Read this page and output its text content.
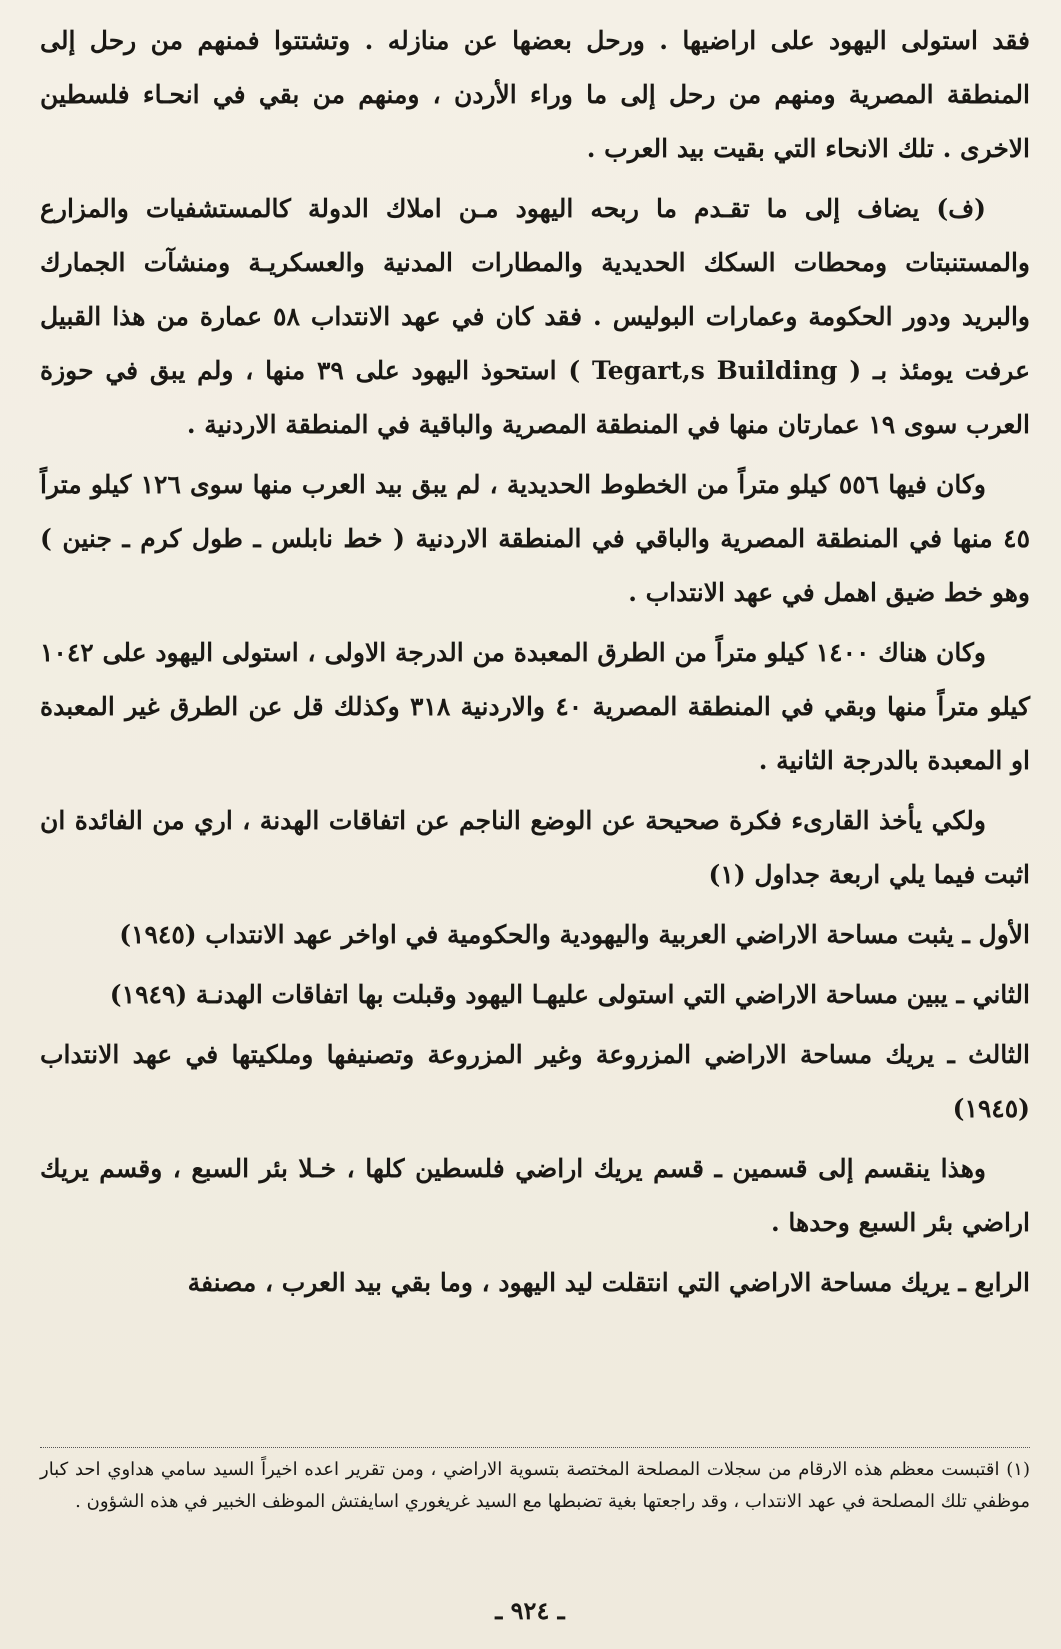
فقد استولى اليهود على اراضيها . ورحل بعضها عن منازله . وتشتتوا فمنهم من رحل إلى المنطقة المصرية ومنهم من رحل إلى ما وراء الأردن ، ومنهم من بقي في انحـاء فلسطين الاخرى . تلك الانحاء التي بقيت بيد العرب .

(ف) يضاف إلى ما تقـدم ما ربحه اليهود مـن املاك الدولة كالمستشفيات والمزارع والمستنبتات ومحطات السكك الحديدية والمطارات المدنية والعسكريـة ومنشآت الجمارك والبريد ودور الحكومة وعمارات البوليس . فقد كان في عهد الانتداب ٥٨ عمارة من هذا القبيل عرفت يومئذ بـ ( Tegart,s Building ) استحوذ اليهود على ٣٩ منها ، ولم يبق في حوزة العرب سوى ١٩ عمارتان منها في المنطقة المصرية والباقية في المنطقة الاردنية .

وكان فيها ٥٥٦ كيلو متراً من الخطوط الحديدية ، لم يبق بيد العرب منها سوى ١٢٦ كيلو متراً ٤٥ منها في المنطقة المصرية والباقي في المنطقة الاردنية ( خط نابلس ـ طول كرم ـ جنين ) وهو خط ضيق اهمل في عهد الانتداب .

وكان هناك ١٤٠٠ كيلو متراً من الطرق المعبدة من الدرجة الاولى ، استولى اليهود على ١٠٤٢ كيلو متراً منها وبقي في المنطقة المصرية ٤٠ والاردنية ٣١٨ وكذلك قل عن الطرق غير المعبدة او المعبدة بالدرجة الثانية .

ولكي يأخذ القارىء فكرة صحيحة عن الوضع الناجم عن اتفاقات الهدنة ، اري من الفائدة ان اثبت فيما يلي اربعة جداول (١)

الأول ـ يثبت مساحة الاراضي العربية واليهودية والحكومية في اواخر عهد الانتداب (١٩٤٥)

الثاني ـ يبين مساحة الاراضي التي استولى عليهـا اليهود وقبلت بها اتفاقات الهدنـة (١٩٤٩)

الثالث ـ يريك مساحة الاراضي المزروعة وغير المزروعة وتصنيفها وملكيتها في عهد الانتداب (١٩٤٥)

وهذا ينقسم إلى قسمين ـ قسم يريك اراضي فلسطين كلها ، خـلا بئر السبع ، وقسم يريك اراضي بئر السبع وحدها .

الرابع ـ يريك مساحة الاراضي التي انتقلت ليد اليهود ، وما بقي بيد العرب ، مصنفة

(١) اقتبست معظم هذه الارقام من سجلات المصلحة المختصة بتسوية الاراضي ، ومن تقرير اعده اخيراً السيد سامي هداوي احد كبار موظفي تلك المصلحة في عهد الانتداب ، وقد راجعتها بغية تضبطها مع السيد غريغوري اسايفتش الموظف الخبير في هذه الشؤون .

ـ ٩٢٤ ـ
